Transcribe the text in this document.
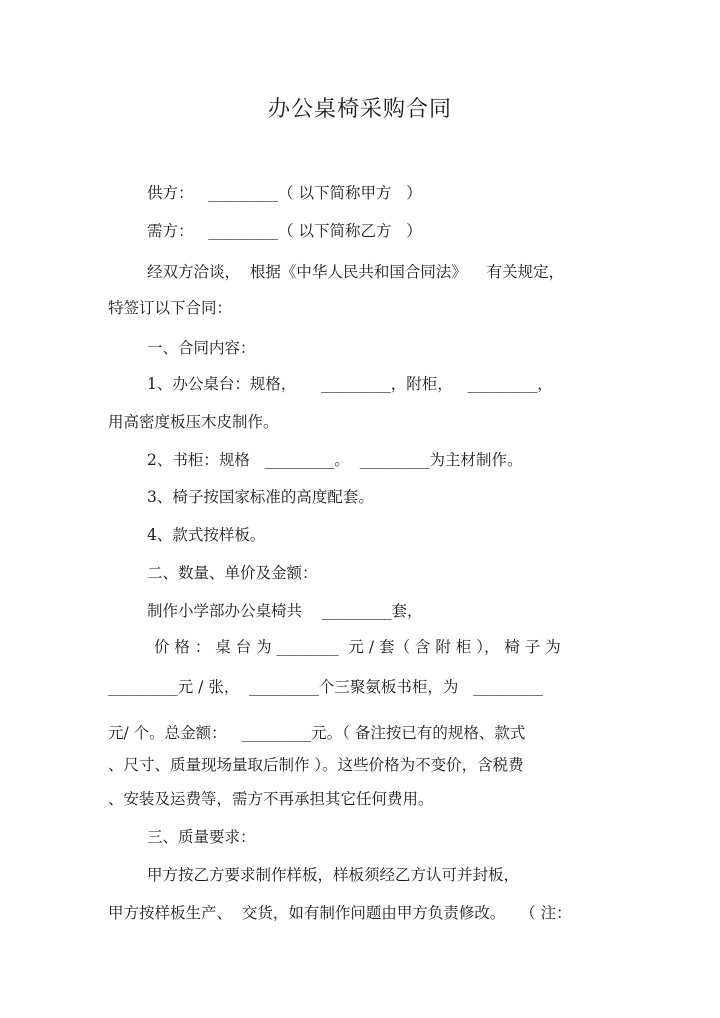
办公桌椅采购合同
供方：   _________（ 以下简称甲方   ）
需方：   _________（ 以下简称乙方   ）
经双方洽谈，  根据《中华人民共和国合同法》    有关规定，
特签订以下合同：
一、合同内容：
1、办公桌台：规格，     _________，附柜，   _________，
用高密度板压木皮制作。
2、书柜：规格   _________。  _________为主材制作。
3、椅子按国家标准的高度配套。
4、款式按样板。
二、数量、单价及金额：
制作小学部办公桌椅共    _________套，
价 格 ： 桌 台 为 ________  元 / 套（ 含 附 柜 ）， 椅 子 为
_________元 / 张，  _________个三聚氨板书柜，为   _________
元/ 个。总金额：   _________元。（ 备注按已有的规格、款式
、尺寸、质量现场量取后制作 ）。这些价格为不变价，含税费
、安装及运费等，需方不再承担其它任何费用。
三、质量要求：
甲方按乙方要求制作样板，样板须经乙方认可并封板，
甲方按样板生产、  交货，如有制作问题由甲方负责修改。   （ 注：
